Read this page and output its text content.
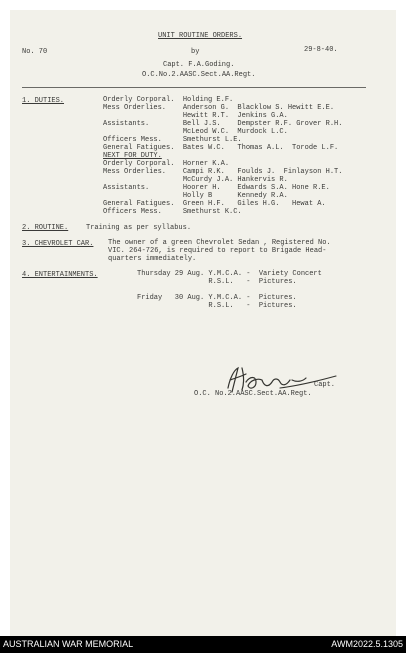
UNIT ROUTINE ORDERS.
No. 70	by	29-8-40.
Capt. F.A.Goding.
O.C.No.2.AASC.Sect.AA.Regt.
1. DUTIES.	Orderly Corporal.  Holding E.F.
Mess Orderlies.    Anderson G.  Blacklow S. Hewitt E.E.
Hewitt R.T.  Jenkins G.A.
Assistants.        Bell J.S.    Dempster R.F. Grover R.H.
McLeod W.C.  Murdock L.C.
Officers Mess.     Smethurst L.E.
General Fatigues.  Bates W.C.   Thomas A.L.  Torode L.F.
NEXT FOR DUTY.
Orderly Corporal.  Horner K.A.
Mess Orderlies.    Campi R.K.   Foulds J.  Finlayson H.T.
McCurdy J.A. Hankervis R.
Assistants.        Hoorer H.    Edwards S.A. Hone R.E.
Holly B      Kennedy R.A.
General Fatigues.  Green H.F.   Giles H.G.   Hewat A.
Officers Mess.     Smethurst K.C.
2. ROUTINE.	Training as per syllabus.
3. CHEVROLET CAR. The owner of a green Chevrolet Sedan , Registered No.
VIC. 264-726, is required to report to Brigade Head-
quarters immediately.
4. ENTERTAINMENTS.	Thursday 29 Aug. Y.M.C.A. -  Variety Concert
R.S.L.   -  Pictures.
Friday   30 Aug. Y.M.C.A. -  Pictures.
R.S.L.   -  Pictures.
Capt.
O.C. No.2.AASC.Sect.AA.Regt.
AUSTRALIAN WAR MEMORIAL	AWM2022.5.1305
